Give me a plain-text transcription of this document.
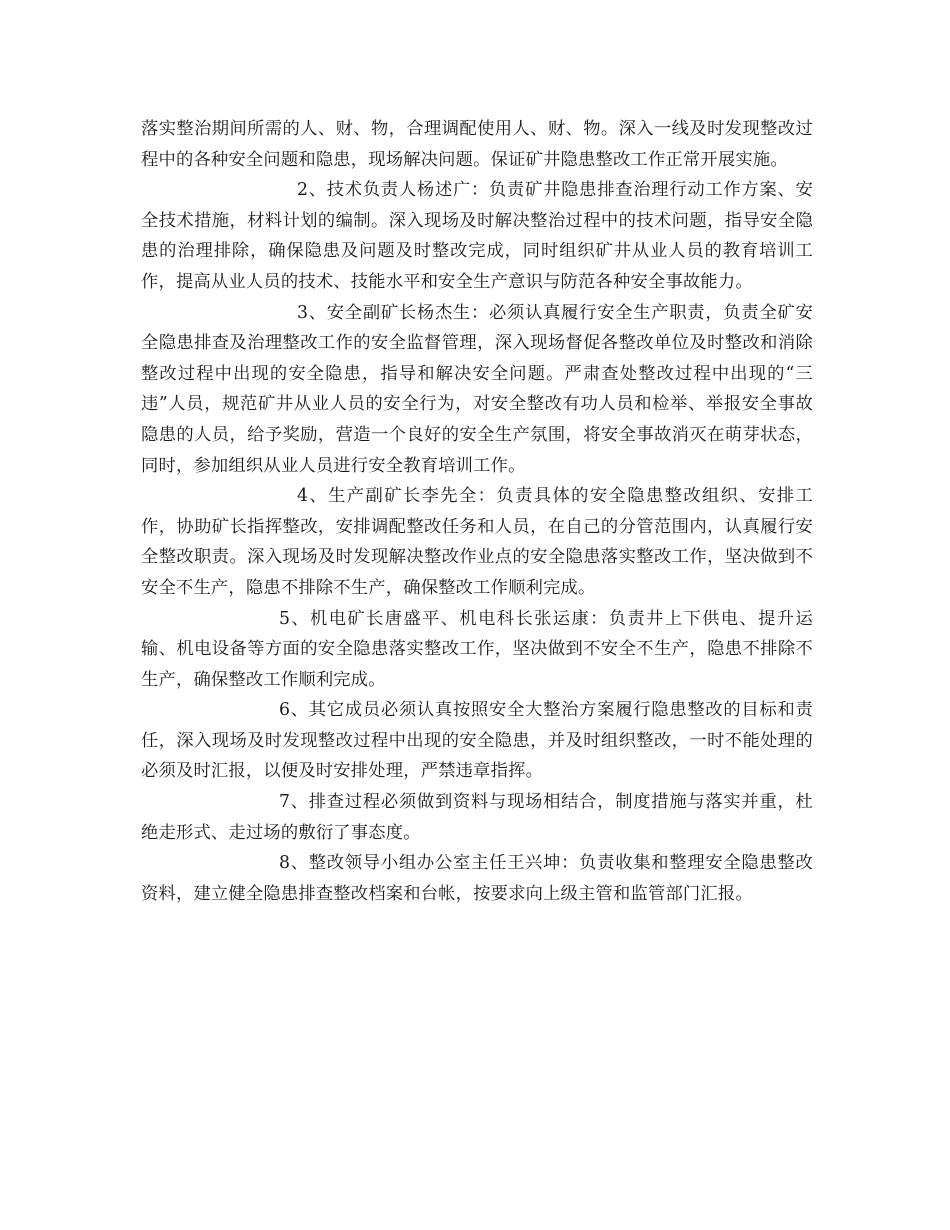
落实整治期间所需的人、财、物，合理调配使用人、财、物。深入一线及时发现整改过程中的各种安全问题和隐患，现场解决问题。保证矿井隐患整改工作正常开展实施。

2、技术负责人杨述广：负责矿井隐患排查治理行动工作方案、安全技术措施，材料计划的编制。深入现场及时解决整治过程中的技术问题，指导安全隐患的治理排除，确保隐患及问题及时整改完成，同时组织矿井从业人员的教育培训工作，提高从业人员的技术、技能水平和安全生产意识与防范各种安全事故能力。

3、安全副矿长杨杰生：必须认真履行安全生产职责，负责全矿安全隐患排查及治理整改工作的安全监督管理，深入现场督促各整改单位及时整改和消除整改过程中出现的安全隐患，指导和解决安全问题。严肃查处整改过程中出现的“三违”人员，规范矿井从业人员的安全行为，对安全整改有功人员和检举、举报安全事故隐患的人员，给予奖励，营造一个良好的安全生产氛围，将安全事故消灭在萌芽状态，同时，参加组织从业人员进行安全教育培训工作。

4、生产副矿长李先全：负责具体的安全隐患整改组织、安排工作，协助矿长指挥整改，安排调配整改任务和人员，在自己的分管范围内，认真履行安全整改职责。深入现场及时发现解决整改作业点的安全隐患落实整改工作，坚决做到不安全不生产，隐患不排除不生产，确保整改工作顺利完成。

5、机电矿长唐盛平、机电科长张运康：负责井上下供电、提升运输、机电设备等方面的安全隐患落实整改工作，坚决做到不安全不生产，隐患不排除不生产，确保整改工作顺利完成。

6、其它成员必须认真按照安全大整治方案履行隐患整改的目标和责任，深入现场及时发现整改过程中出现的安全隐患，并及时组织整改，一时不能处理的必须及时汇报，以便及时安排处理，严禁违章指挥。

7、排查过程必须做到资料与现场相结合，制度措施与落实并重，杜绝走形式、走过场的敷衍了事态度。

8、整改领导小组办公室主任王兴坤：负责收集和整理安全隐患整改资料，建立健全隐患排查整改档案和台帐，按要求向上级主管和监管部门汇报。
